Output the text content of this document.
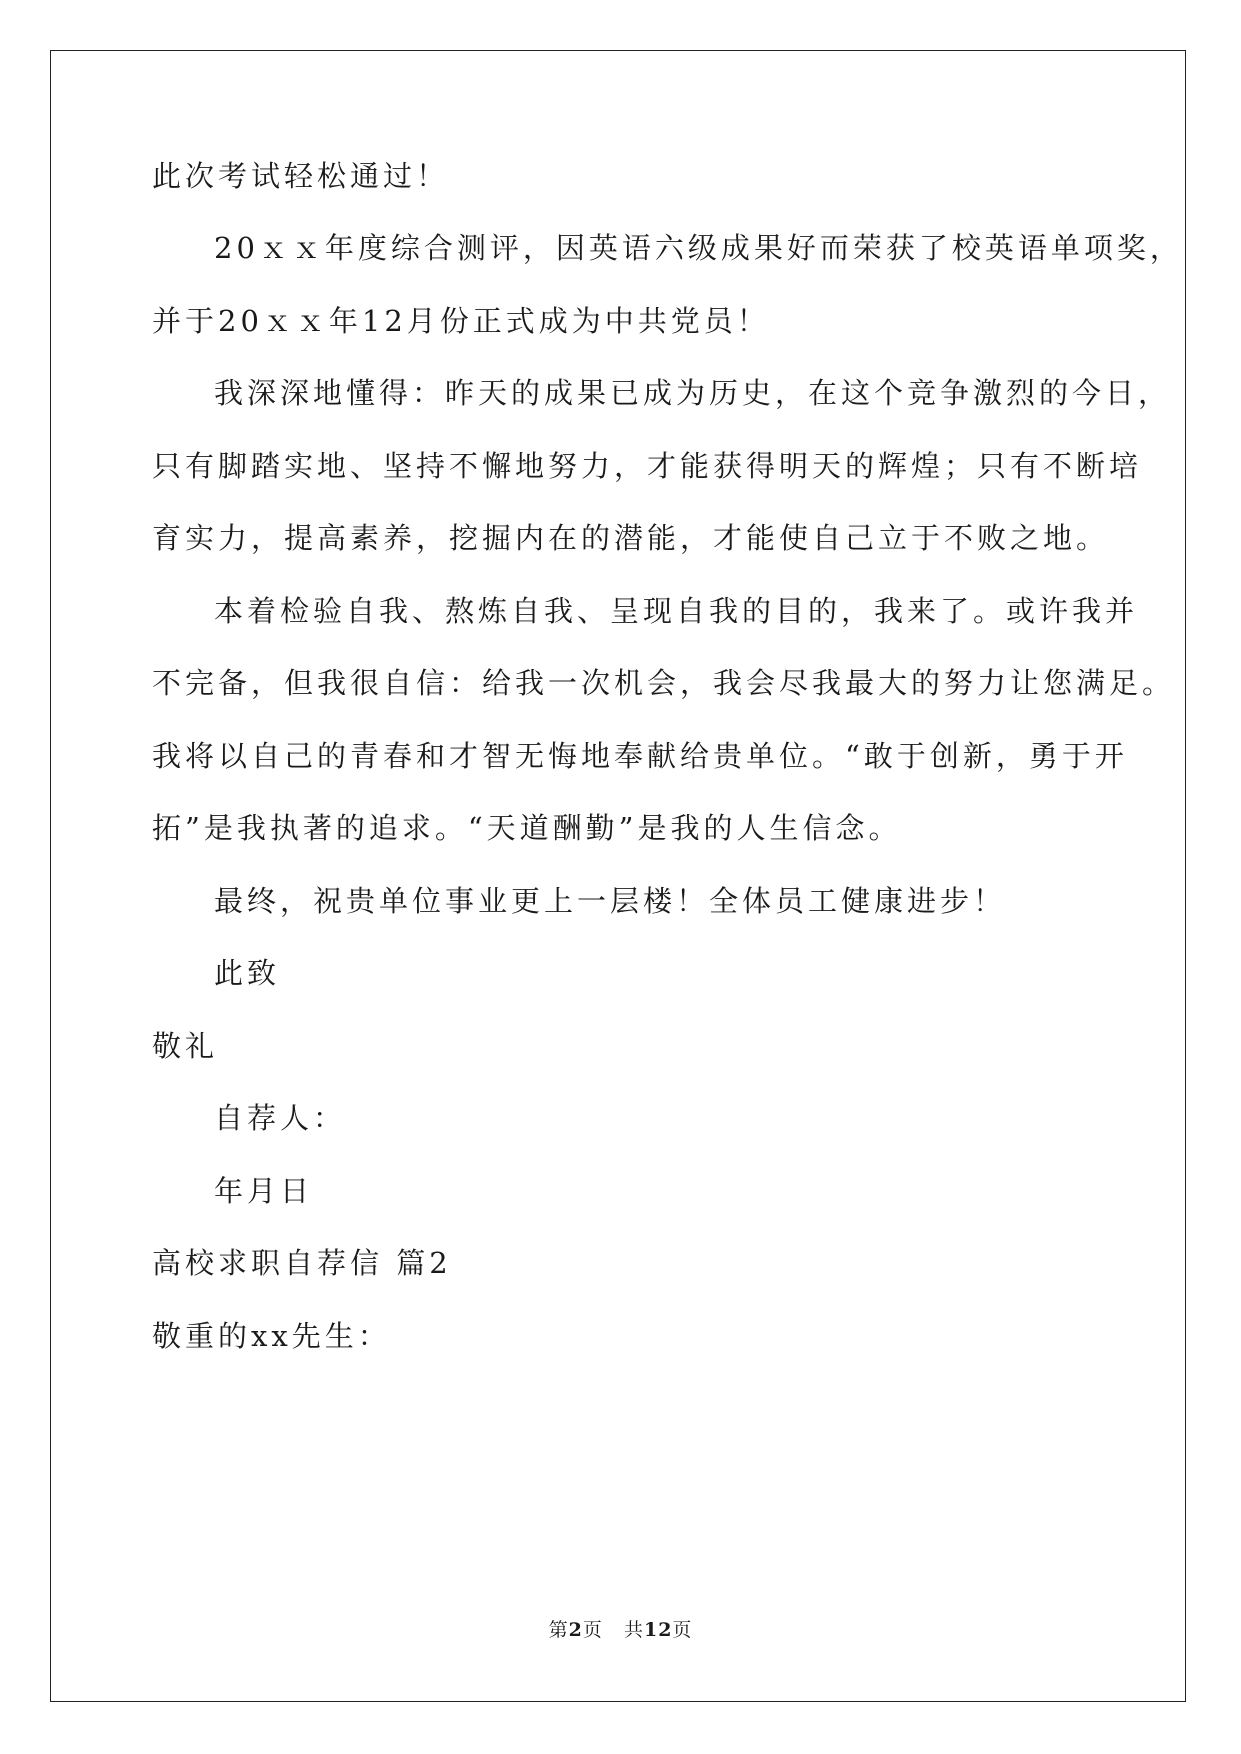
此次考试轻松通过！
20ｘｘ年度综合测评，因英语六级成果好而荣获了校英语单项奖，
并于20ｘｘ年12月份正式成为中共党员！
我深深地懂得：昨天的成果已成为历史，在这个竞争激烈的今日，
只有脚踏实地、坚持不懈地努力，才能获得明天的辉煌；只有不断培
育实力，提高素养，挖掘内在的潜能，才能使自己立于不败之地。
本着检验自我、熬炼自我、呈现自我的目的，我来了。或许我并
不完备，但我很自信：给我一次机会，我会尽我最大的努力让您满足。
我将以自己的青春和才智无悔地奉献给贵单位。“敢于创新，勇于开
拓”是我执著的追求。“天道酬勤”是我的人生信念。
最终，祝贵单位事业更上一层楼！全体员工健康进步！
此致
敬礼
自荐人：
年月日
高校求职自荐信 篇2
敬重的xx先生：
第2页 共12页
